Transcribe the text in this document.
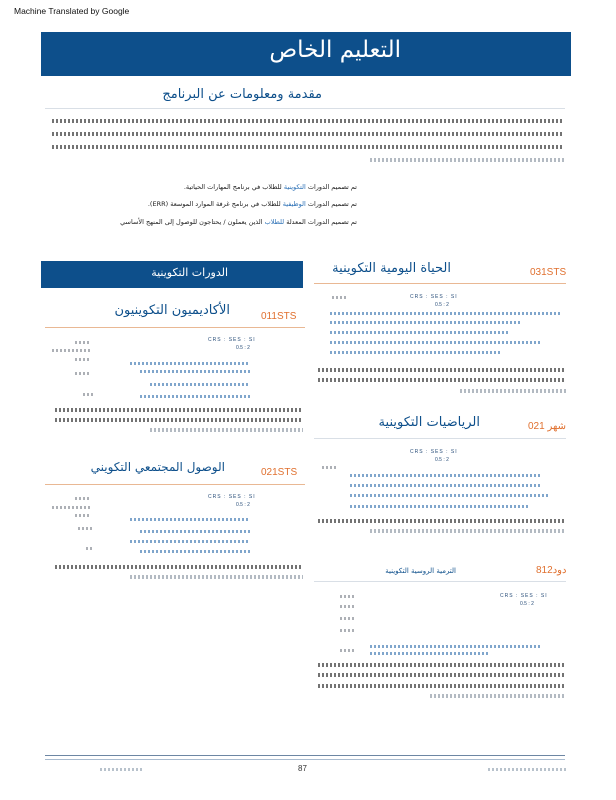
Machine Translated by Google
التعليم الخاص
مقدمة ومعلومات عن البرنامج
تم تصميم الدورات التكوينية للطلاب في برنامج المهارات الحياتية.
تم تصميم الدورات الوظيفية للطلاب في برنامج غرفة الموارد الموسعة (ERR).
تم تصميم الدورات المعدلة للطلاب الذين يعملون / يحتاجون للوصول إلى المنهج الأساسي
الدورات التكوينية
الأكاديميون التكوينيون	011STS
CRS : SES : SI
0.5 : 2
الوصول المجتمعي التكويني	021STS
CRS : SES : SI
0.5 : 2
الحياة اليومية التكوينية	031STS
CRS : SES : SI
0.5 : 2
الرياضيات التكوينية	021 شهر
CRS : SES : SI
0.5 : 2
الترمية الروسية التكوينية	دود812
CRS : SES : SI
0.5 : 2
87
